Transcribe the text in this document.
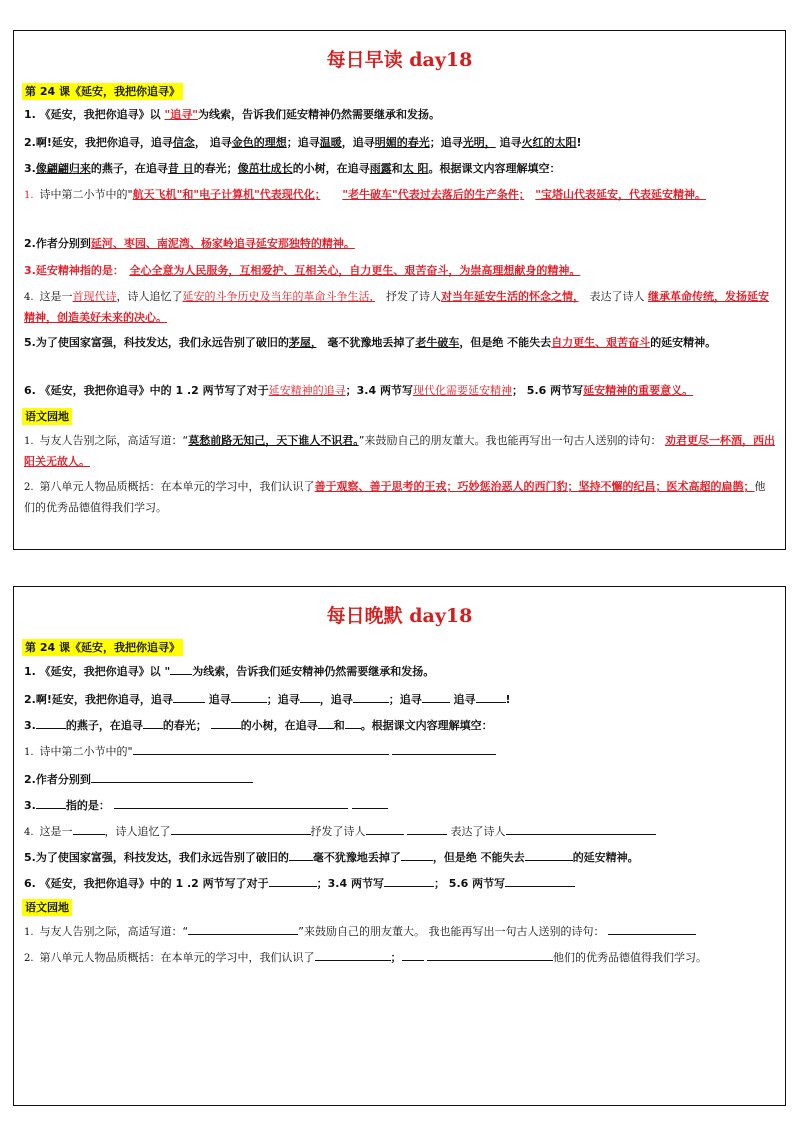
每日早读 day18
第 24 课《延安，我把你追寻》
1. 《延安，我把你追寻》以 "追寻"为线索，告诉我们延安精神仍然需要继承和发扬。
2.啊!延安，我把你追寻，追寻信念， 追寻金色的理想；追寻温暖，追寻明媚的春光；追寻光明， 追寻火红的太阳!
3.像翩翩归来的燕子，在追寻昔 日的春光；像茁壮成长的小树，在追寻雨露和太 阳。根据课文内容理解填空：
1. 诗中第二小节中的"航天飞机"和"电子计算机"代表现代化；　　 "老牛破车"代表过去落后的生产条件；　 "宝塔山代表延安，代表延安精神。
2.作者分别到延河、枣园、南泥湾、杨家岭追寻延安那独特的精神。
3.延安精神指的是：　 全心全意为人民服务，互相爱护、互相关心，自力更生、艰苦奋斗，为崇高理想献身的精神。
4. 这是一首现代诗，诗人追忆了延安的斗争历史及当年的革命斗争生活，　 抒发了诗人对当年延安生活的怀念之情，　 表达了诗人 继承革命传统，发扬延安精神，创造美好未来的决心。
5.为了使国家富强，科技发达，我们永远告别了破旧的茅屋，　 毫不犹豫地丢掉了老牛破车，但是绝 不能失去自力更生、艰苦奋斗的延安精神。
6. 《延安，我把你追寻》中的 1 .2 两节写了对于延安精神的追寻；3.4 两节写现代化需要延安精神； 5.6 两节写延安精神的重要意义。
语文园地
1. 与友人告别之际，高适写道：“莫愁前路无知己，天下谁人不识君。”来鼓励自己的朋友董大。我也能再写出一句古人送别的诗句： 劝君更尽一杯酒，西出阳关无故人。
2. 第八单元人物品质概括：在本单元的学习中，我们认识了善于观察、善于思考的王戎；巧妙惩治恶人的西门豹；坚持不懈的纪昌；医术高超的扁鹊；他们的优秀品德值得我们学习。
每日晚默 day18
第 24 课《延安，我把你追寻》
1. 《延安，我把你追寻》以 " 为线索，告诉我们延安精神仍然需要继承和发扬。
2.啊!延安，我把你追寻，追寻	追寻	；追寻 ，追寻	；追寻	追寻	!
3.	的燕子，在追寻 的春光；	的小树，在追寻 和 。根据课文内容理解填空：
1. 诗中第二小节中的"
2.作者分别到
3.	指的是：
4. 这是一	，诗人追忆了	抒发了诗人	表达了诗人
5.为了使国家富强，科技发达，我们永远告别了破旧的 毫不犹豫地丢掉了	，但是绝 不能失去	的延安精神。
6. 《延安，我把你追寻》中的 1 .2 两节写了对于	；3.4 两节写	； 5.6 两节写
语文园地
1. 与友人告别之际，高适写道：“	”来鼓励自己的朋友董大。 我也能再写出一句古人送别的诗句：
2. 第八单元人物品质概括：在本单元的学习中，我们认识了	；	他们的优秀品德值得我们学习。
